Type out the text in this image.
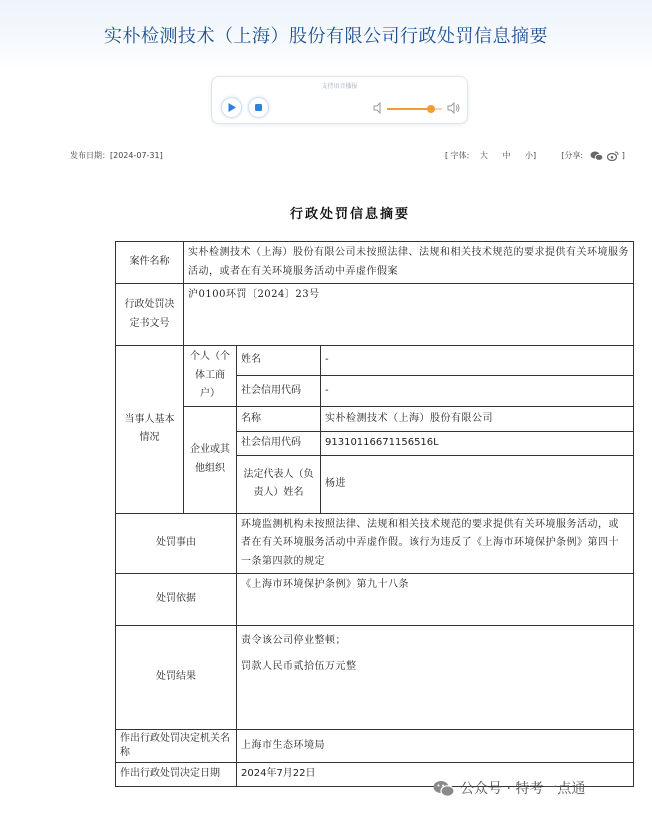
实朴检测技术（上海）股份有限公司行政处罚信息摘要
支持语音播报
发布日期：[2024-07-31]	[ 字体: 大 中 小]	[分享:	]
行政处罚信息摘要
案件名称	实朴检测技术（上海）股份有限公司未按照法律、法规和相关技术规范的要求提供有关环境服务活动，或者在有关环境服务活动中弄虚作假案		
行政处罚决定书文号	沪0100环罚〔2024〕23号		
当事人基本情况	个人（个体工商户）	姓名	-
		社会信用代码	-
	企业或其他组织	名称	实朴检测技术（上海）股份有限公司
		社会信用代码	91310116671156516L
		法定代表人（负责人）姓名	杨进
处罚事由		环境监测机构未按照法律、法规和相关技术规范的要求提供有关环境服务活动，或者在有关环境服务活动中弄虚作假。该行为违反了《上海市环境保护条例》第四十一条第四款的规定	
处罚依据		《上海市环境保护条例》第九十八条	
处罚结果		责令该公司停业整顿；
罚款人民币贰拾伍万元整	

作出行政处罚决定机关名称		上海市生态环境局	
作出行政处罚决定日期		2024年7月22日	
公众号 · 特考一点通
